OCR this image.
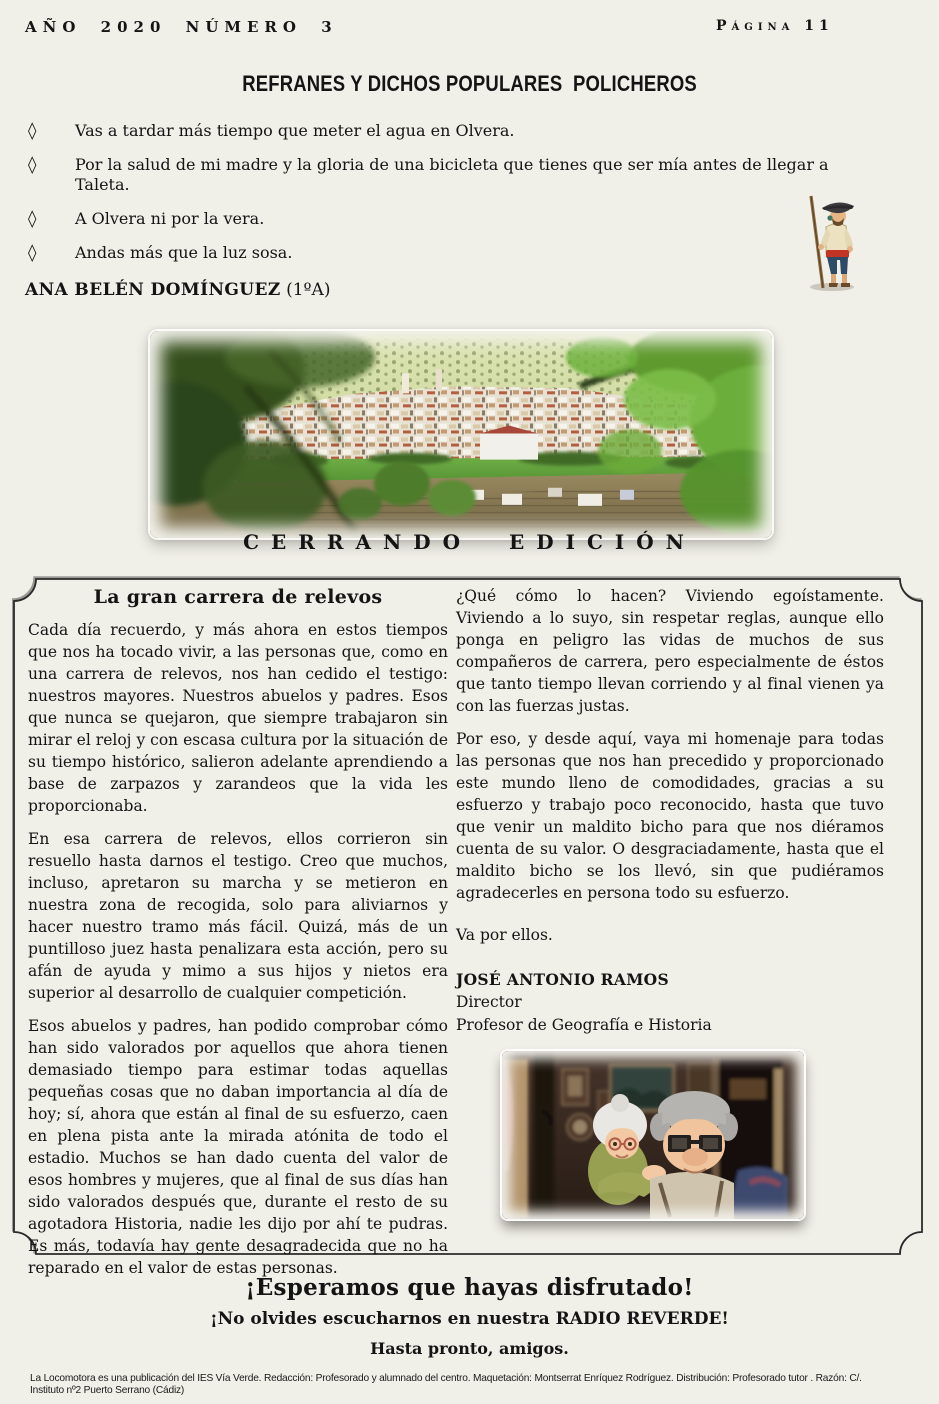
AÑO 2020 NÚMERO 3	Página 11
REFRANES Y DICHOS POPULARES  POLICHEROS
◊	Vas a tardar más tiempo que meter el agua en Olvera.
◊	Por la salud de mi madre y la gloria de una bicicleta que tienes que ser mía antes de llegar a Taleta.
◊	A Olvera ni por la vera.
◊	Andas más que la luz sosa.
ANA BELÉN DOMÍNGUEZ (1ºA)
CERRANDO EDICIÓN

La gran carrera de relevos

Cada día recuerdo, y más ahora en estos tiempos que nos ha tocado vivir, a las personas que, como en una carrera de relevos, nos han cedido el testigo: nuestros mayores. Nuestros abuelos y padres. Esos que nunca se quejaron, que siempre trabajaron sin mirar el reloj y con escasa cultura por la situación de su tiempo histórico, salieron adelante aprendiendo a base de zarpazos y zarandeos que la vida les proporcionaba.

En esa carrera de relevos, ellos corrieron sin resuello hasta darnos el testigo. Creo que muchos, incluso, apretaron su marcha y se metieron en nuestra zona de recogida, solo para aliviarnos y hacer nuestro tramo más fácil. Quizá, más de un puntilloso juez hasta penalizara esta acción, pero su afán de ayuda y mimo a sus hijos y nietos era superior al desarrollo de cualquier competición.

Esos abuelos y padres, han podido comprobar cómo han sido valorados por aquellos que ahora tienen demasiado tiempo para estimar todas aquellas pequeñas cosas que no daban importancia al día de hoy; sí, ahora que están al final de su esfuerzo, caen en plena pista ante la mirada atónita de todo el estadio. Muchos se han dado cuenta del valor de esos hombres y mujeres, que al final de sus días han sido valorados después que, durante el resto de su agotadora Historia, nadie les dijo por ahí te pudras. Es más, todavía hay gente desagradecida que no ha reparado en el valor de estas personas.

¿Qué cómo lo hacen? Viviendo egoístamente. Viviendo a lo suyo, sin respetar reglas, aunque ello ponga en peligro las vidas de muchos de sus compañeros de carrera, pero especialmente de éstos que tanto tiempo llevan corriendo y al final vienen ya con las fuerzas justas.

Por eso, y desde aquí, vaya mi homenaje para todas las personas que nos han precedido y proporcionado este mundo lleno de comodidades, gracias a su esfuerzo y trabajo poco reconocido, hasta que tuvo que venir un maldito bicho para que nos diéramos cuenta de su valor. O desgraciadamente, hasta que el maldito bicho se los llevó, sin que pudiéramos agradecerles en persona todo su esfuerzo.

Va por ellos.

JOSÉ ANTONIO RAMOS
Director
Profesor de Geografía e Historia
¡Esperamos que hayas disfrutado!
¡No olvides escucharnos en nuestra RADIO REVERDE!
Hasta pronto, amigos.
La Locomotora es una publicación del IES Vía Verde. Redacción: Profesorado y alumnado del centro. Maquetación: Montserrat Enríquez Rodríguez. Distribución: Profesorado tutor . Razón: C/. Instituto nº2 Puerto Serrano (Cádiz)
